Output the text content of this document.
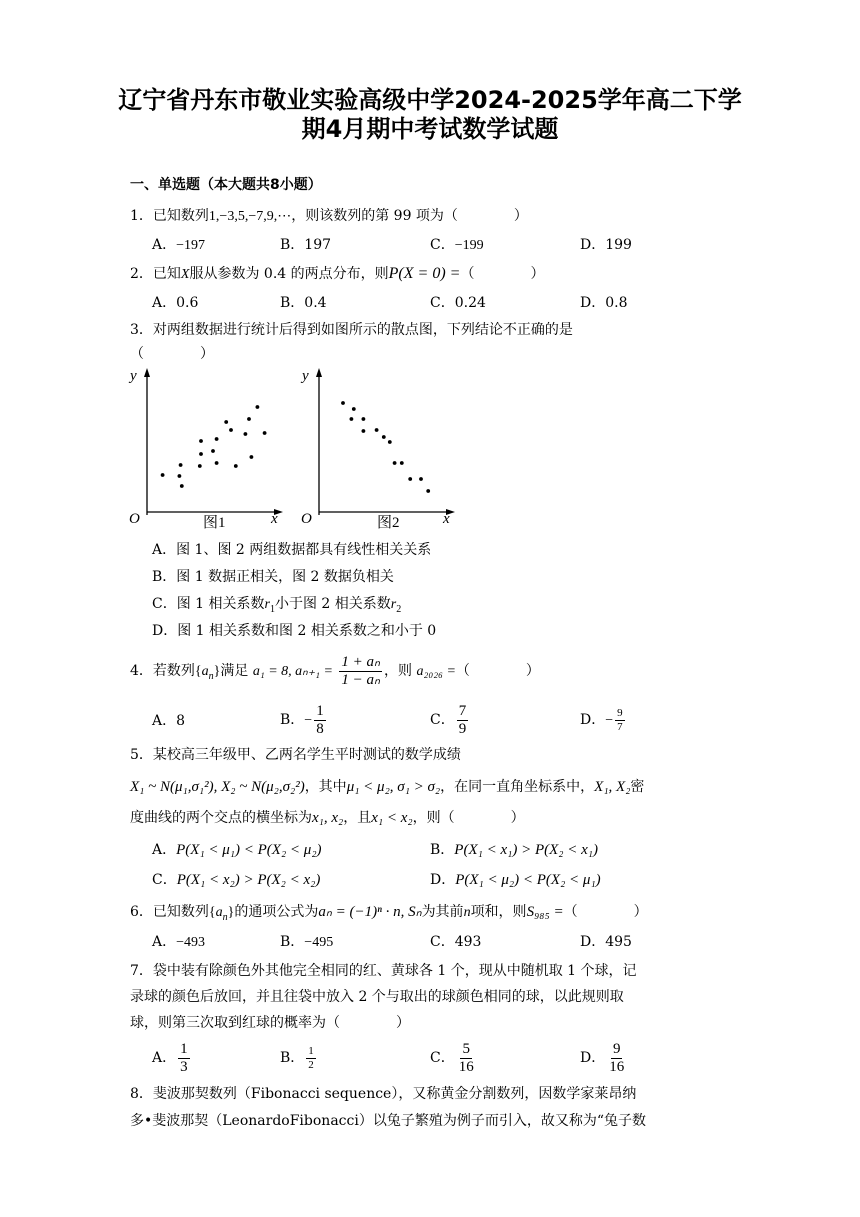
辽宁省丹东市敬业实验高级中学2024-2025学年高二下学
期4月期中考试数学试题
一、单选题（本大题共8小题）
1．已知数列1,−3,5,−7,9,⋯，则该数列的第 99 项为（　　　　）
A．−197	B．197	C．−199	D．199
2．已知X服从参数为 0.4 的两点分布，则P(X = 0) =（　　　　）
A．0.6	B．0.4	C．0.24	D．0.8
3．对两组数据进行统计后得到如图所示的散点图，下列结论不正确的是
（　　　　）
y
x
O	图1
y
x
O	图2
A．图 1、图 2 两组数据都具有线性相关关系
B．图 1 数据正相关，图 2 数据负相关
C．图 1 相关系数$r_1$小于图 2 相关系数$r_2$
D．图 1 相关系数和图 2 相关系数之和小于 0
4．若数列$\{a_n\}$满足 a₁ = 8, $a_{n+1} = \frac{\text{1 + aₙ}}{\text{1 − aₙ}}$ ，则 a₂₀₂₆ =（　　　　）
A．8	B．− $\frac{1}{8}$	C． $\frac{7}{9}$	D．− $\frac{9}{7}$
5．某校高三年级甲、乙两名学生平时测试的数学成绩
X₁ ~ N(μ₁,σ₁²), X₂ ~ N(μ₂,σ₂²)，其中μ₁ < μ₂, σ₁ > σ₂，在同一直角坐标系中，X₁, X₂密
度曲线的两个交点的横坐标为x₁, x₂，且x₁ < x₂，则（　　　　）
A．P(X₁ < μ₁) < P(X₂ < μ₂)	B．P(X₁ < x₁) > P(X₂ < x₁)
C．P(X₁ < x₂) > P(X₂ < x₂)	D．P(X₁ < μ₂) < P(X₂ < μ₁)
6．已知数列$\{a_n\}$的通项公式为aₙ = (−1)ⁿ · n, Sₙ为其前n项和，则S₉₈₅ =（　　　　）
A．−493	B．−495	C．493	D．495
7．袋中装有除颜色外其他完全相同的红、黄球各 1 个，现从中随机取 1 个球，记
录球的颜色后放回，并且往袋中放入 2 个与取出的球颜色相同的球，以此规则取
球，则第三次取到红球的概率为（　　　　）
A． $\frac{1}{3}$	B． $\frac{1}{2}$	C． $\frac{5}{16}$	D． $\frac{9}{16}$
8．斐波那契数列（Fibonacci sequence），又称黄金分割数列，因数学家莱昂纳
多•斐波那契（LeonardoFibonacci）以兔子繁殖为例子而引入，故又称为“兔子数
